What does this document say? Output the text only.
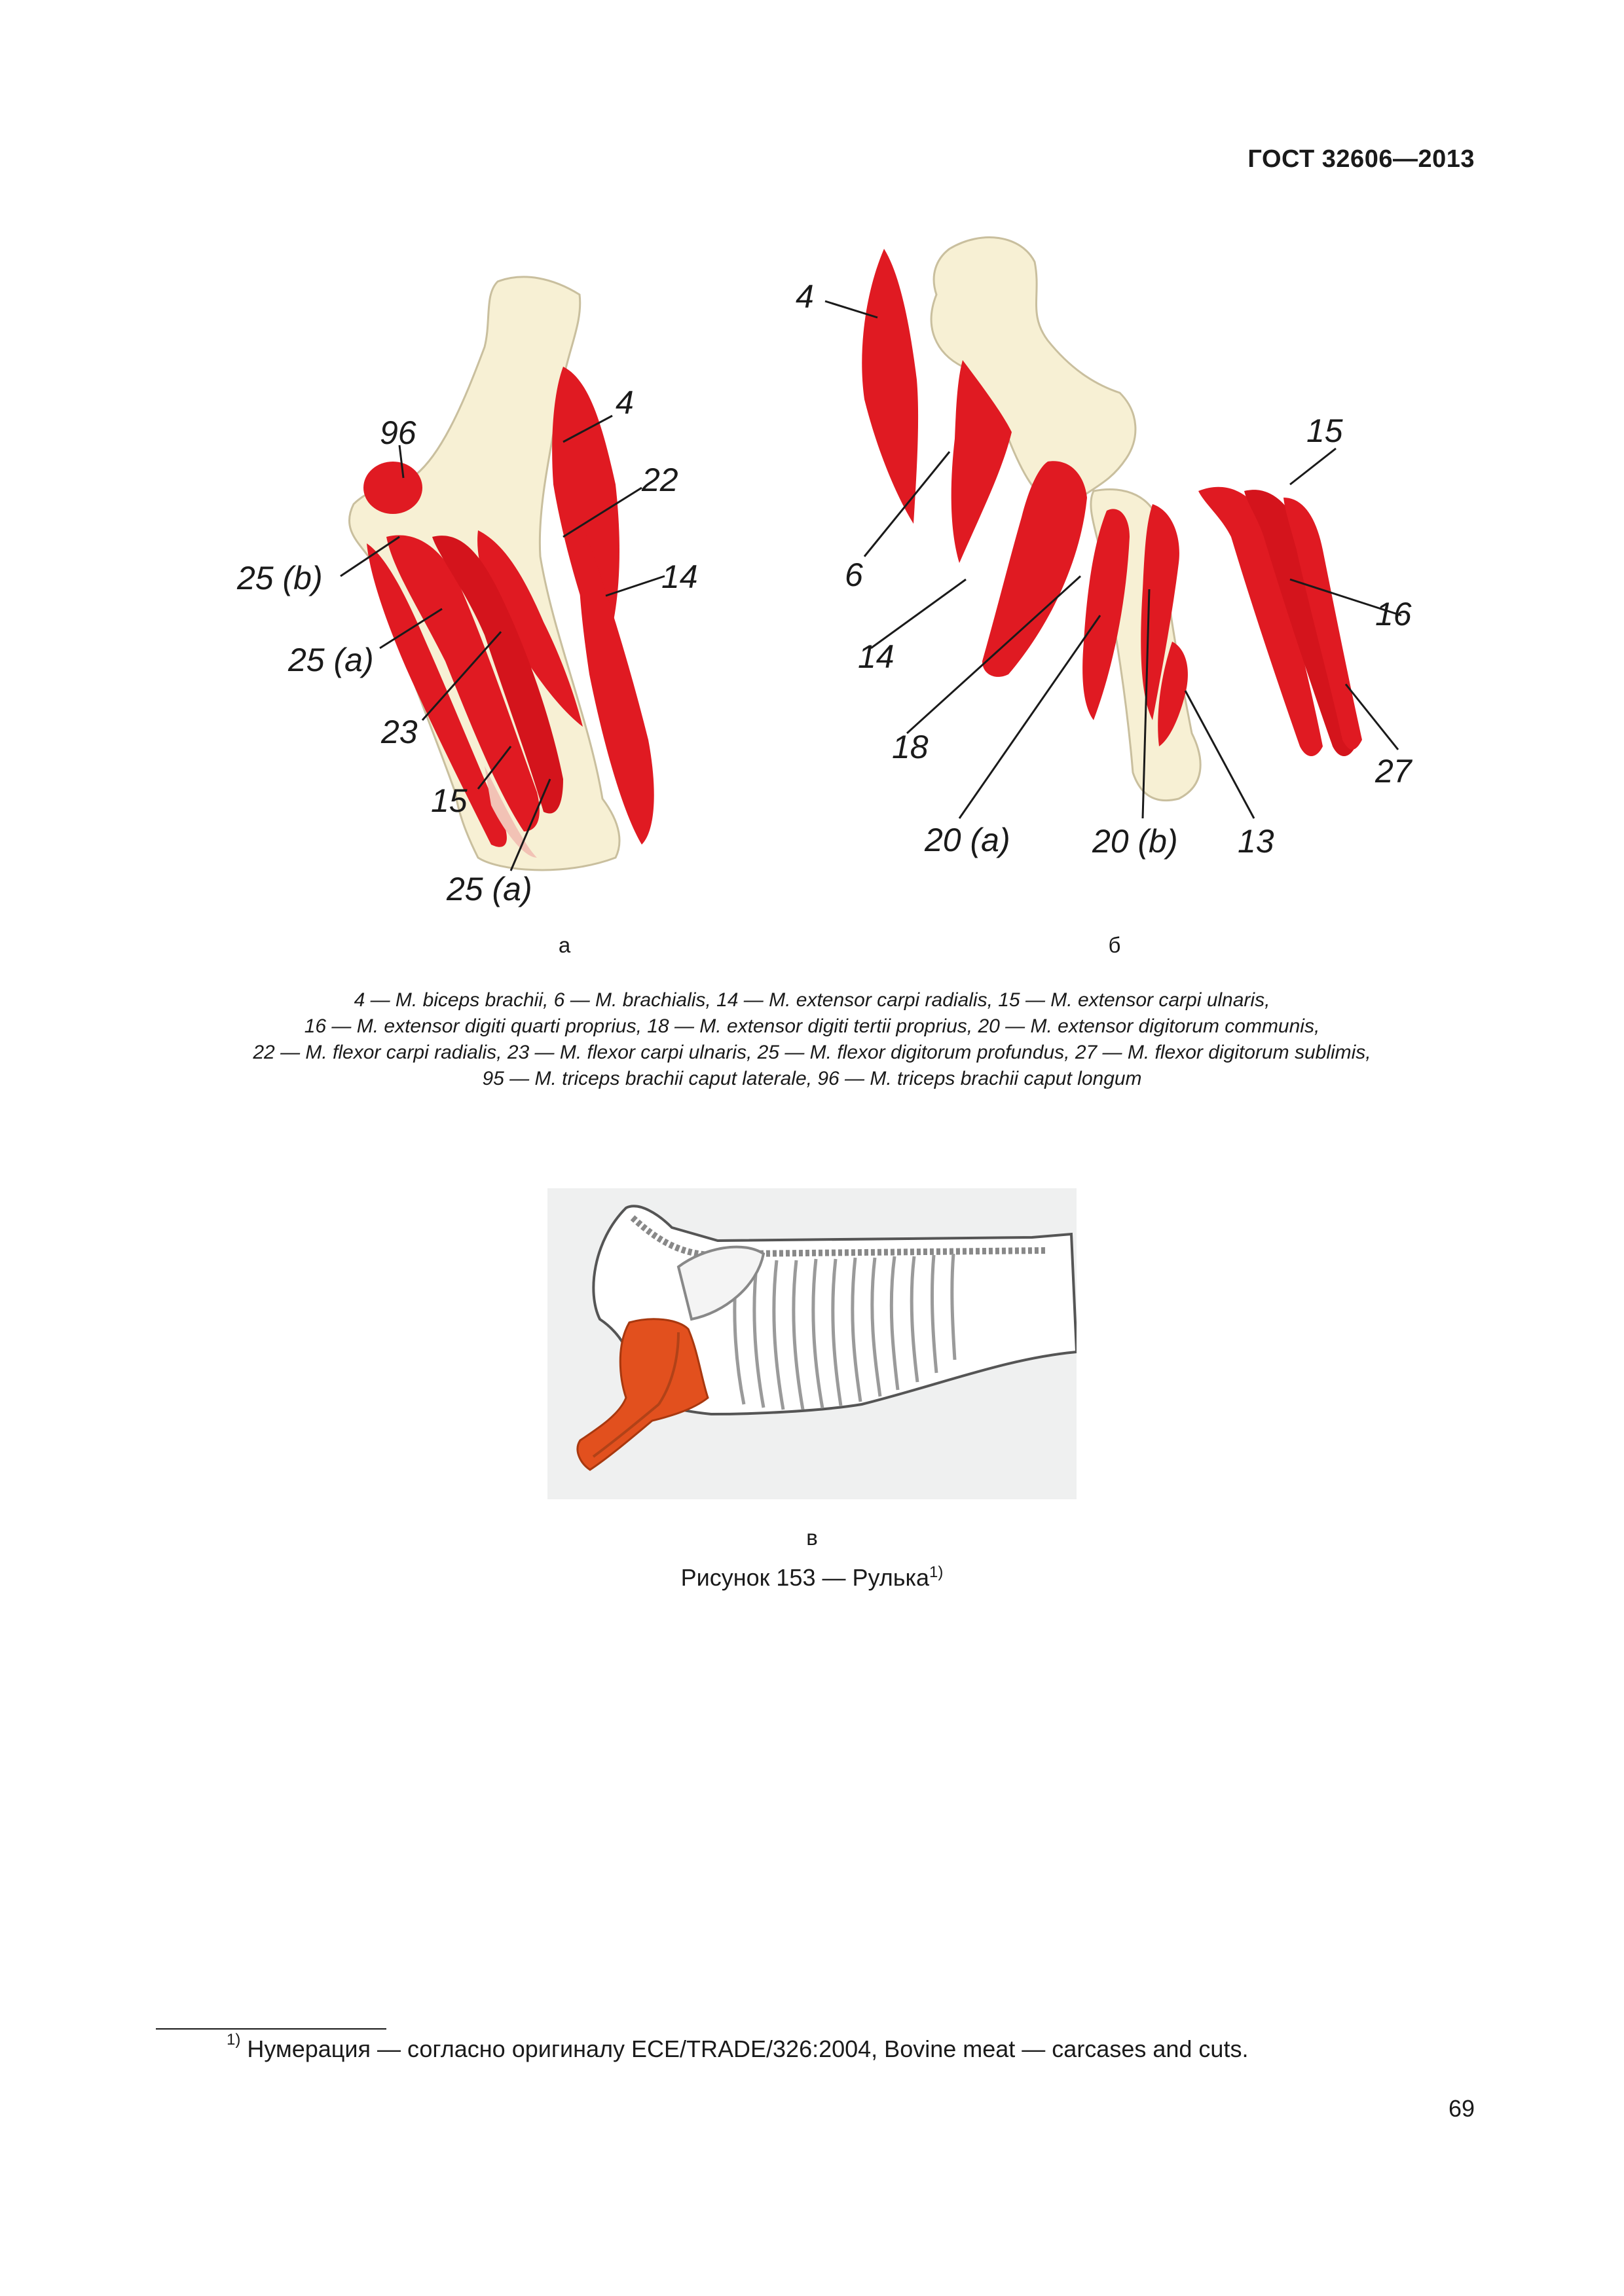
ГОСТ 32606—2013
96
4
22
25 (b)	14
25 (a)
23
15
25 (a)
а
4
15
6
16
14
18
27
20 (a)	20 (b) 13
б
4 — M. biceps brachii, 6 — M. brachialis, 14 — M. extensor carpi radialis, 15 — M. extensor carpi ulnaris,
16 — M. extensor digiti quarti proprius, 18 — M. extensor digiti tertii proprius, 20 — M. extensor digitorum communis,
22 — M. flexor carpi radialis, 23 — M. flexor carpi ulnaris, 25 — M. flexor digitorum profundus, 27 — M. flexor digitorum sublimis,
95 — M. triceps brachii caput laterale, 96 — M. triceps brachii caput longum
в
Рисунок 153 — Рулька$^{1)}$
$^{1)}$ Нумерация — согласно оригиналу ECE/TRADE/326:2004, Bovine meat — carcases and cuts.
69
